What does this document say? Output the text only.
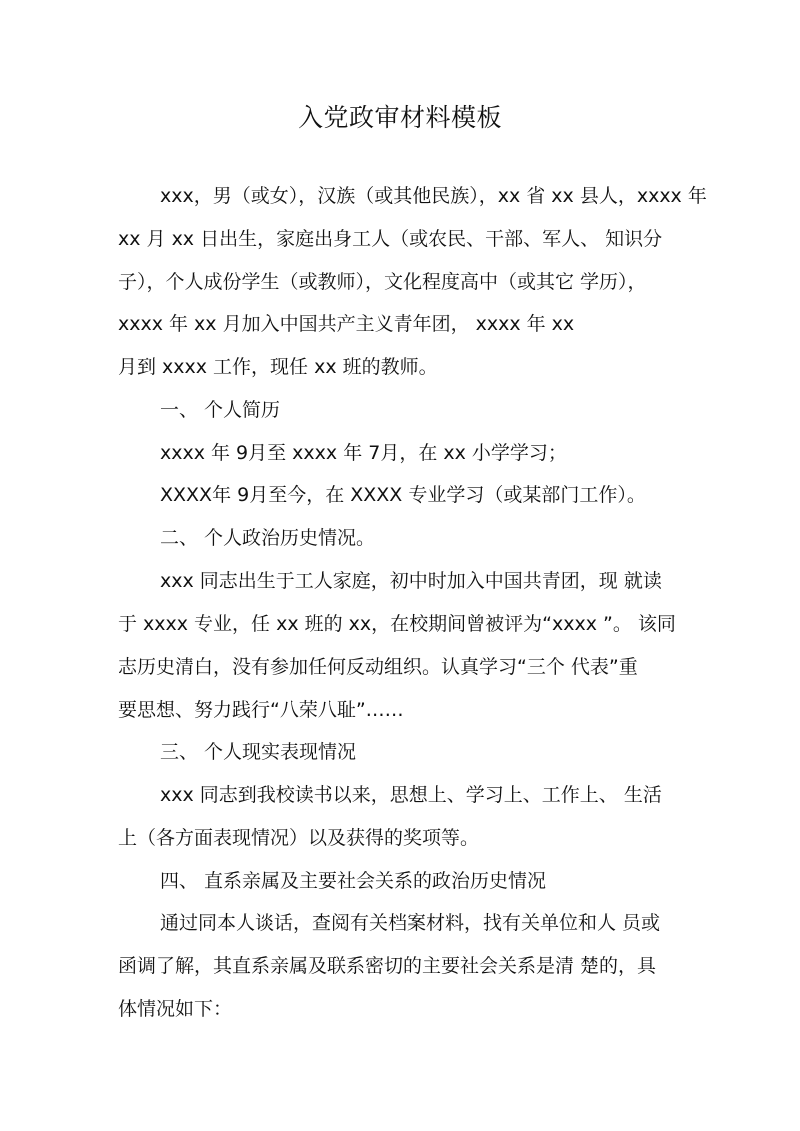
入党政审材料模板
xxx，男（或女），汉族（或其他民族），xx 省 xx 县人，xxxx 年
xx 月 xx 日出生，家庭出身工人（或农民、干部、军人、 知识分
子），个人成份学生（或教师），文化程度高中（或其它 学历），
xxxx 年 xx 月加入中国共产主义青年团， xxxx 年 xx
月到 xxxx 工作，现任 xx 班的教师。
一、 个人简历
xxxx 年 9月至 xxxx 年 7月，在 xx 小学学习；
XXXX年 9月至今，在 XXXX 专业学习（或某部门工作）。
二、 个人政治历史情况。
xxx 同志出生于工人家庭，初中时加入中国共青团，现 就读
于 xxxx 专业，任 xx 班的 xx，在校期间曾被评为“xxxx ”。 该同
志历史清白，没有参加任何反动组织。认真学习“三个 代表”重
要思想、努力践行“八荣八耻”……
三、 个人现实表现情况
xxx 同志到我校读书以来，思想上、学习上、工作上、 生活
上（各方面表现情况）以及获得的奖项等。
四、 直系亲属及主要社会关系的政治历史情况
通过同本人谈话，查阅有关档案材料，找有关单位和人 员或
函调了解，其直系亲属及联系密切的主要社会关系是清 楚的，具
体情况如下：
